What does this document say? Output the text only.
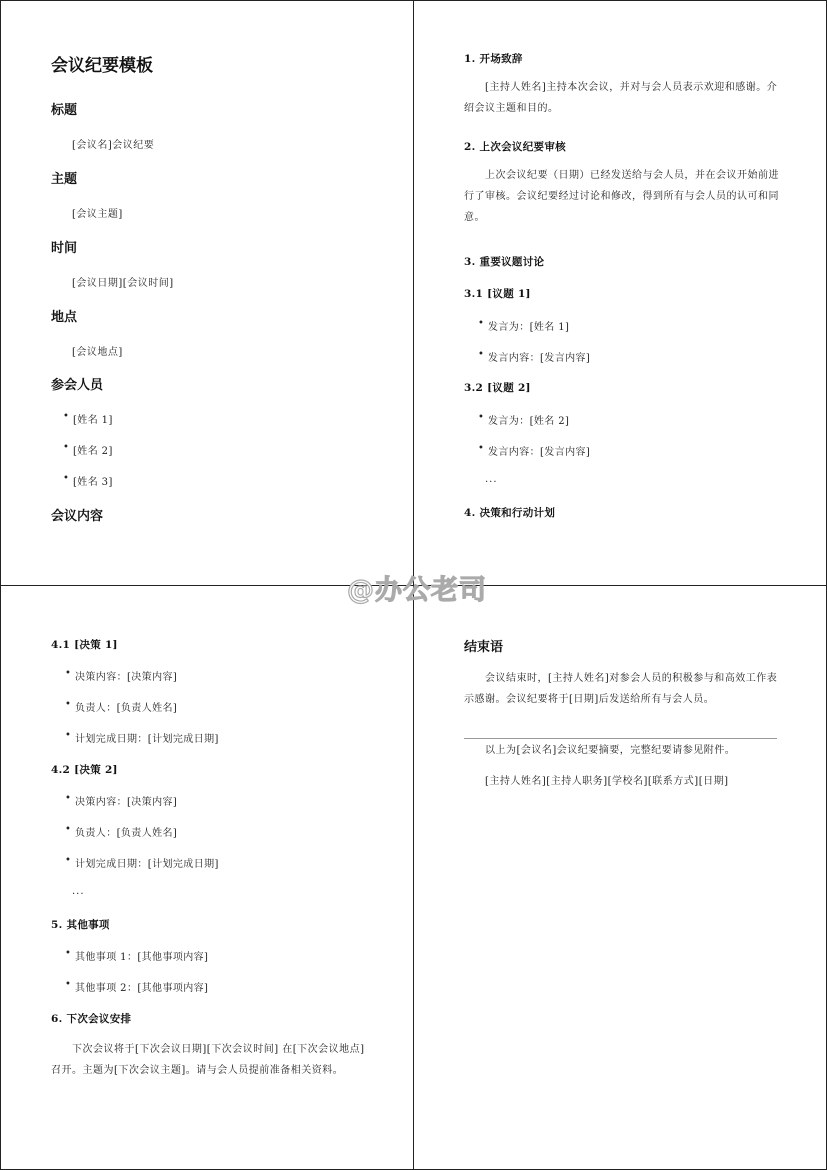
会议纪要模板
标题
[会议名]会议纪要
主题
[会议主题]
时间
[会议日期][会议时间]
地点
[会议地点]
参会人员
• [姓名 1]
• [姓名 2]
• [姓名 3]
会议内容
1. 开场致辞
[主持人姓名]主持本次会议，并对与会人员表示欢迎和感谢。介绍会议主题和目的。
2. 上次会议纪要审核
上次会议纪要（日期）已经发送给与会人员，并在会议开始前进行了审核。会议纪要经过讨论和修改，得到所有与会人员的认可和同意。
3. 重要议题讨论
3.1 [议题 1]
• 发言为：[姓名 1]
• 发言内容：[发言内容]
3.2 [议题 2]
• 发言为：[姓名 2]
• 发言内容：[发言内容]
...
4. 决策和行动计划
4.1 [决策 1]
• 决策内容：[决策内容]
• 负责人：[负责人姓名]
• 计划完成日期：[计划完成日期]
4.2 [决策 2]
• 决策内容：[决策内容]
• 负责人：[负责人姓名]
• 计划完成日期：[计划完成日期]
...
5. 其他事项
• 其他事项 1：[其他事项内容]
• 其他事项 2：[其他事项内容]
6. 下次会议安排
下次会议将于[下次会议日期][下次会议时间] 在[下次会议地点]召开。主题为[下次会议主题]。请与会人员提前准备相关资料。
结束语
会议结束时，[主持人姓名]对参会人员的积极参与和高效工作表示感谢。会议纪要将于[日期]后发送给所有与会人员。
以上为[会议名]会议纪要摘要，完整纪要请参见附件。
[主持人姓名][主持人职务][学校名][联系方式][日期]
@办公老司
